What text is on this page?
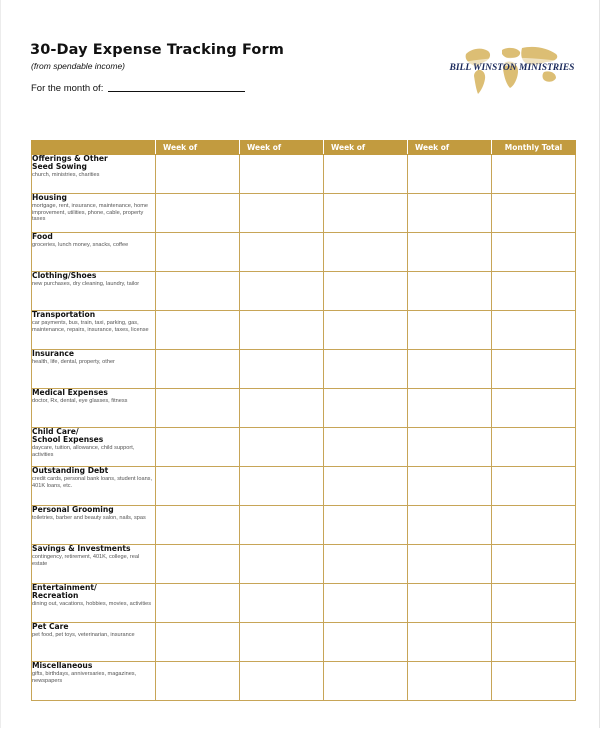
30-Day Expense Tracking Form
(from spendable income)
For the month of:
BILL WINSTON MINISTRIES
	Week of	Week of	Week of	Week of	Monthly Total

Offerings & Other
Seed Sowing
church, ministries, charities					

Housing
mortgage, rent, insurance, maintenance, home improvement, utilities, phone, cable, property taxes					

Food
groceries, lunch money, snacks, coffee					

Clothing/Shoes
new purchases, dry cleaning, laundry, tailor					

Transportation
car payments, bus, train, taxi, parking, gas, maintenance, repairs, insurance, taxes, license					

Insurance
health, life, dental, property, other					

Medical Expenses
doctor, Rx, dental, eye glasses, fitness					

Child Care/
School Expenses
daycare, tuition, allowance, child support, activities					

Outstanding Debt
credit cards, personal bank loans, student loans, 401K loans, etc.					

Personal Grooming
toiletries, barber and beauty salon, nails, spas					

Savings & Investments
contingency, retirement, 401K, college, real estate					

Entertainment/
Recreation
dining out, vacations, hobbies, movies, activities					

Pet Care
pet food, pet toys, veterinarian, insurance					

Miscellaneous
gifts, birthdays, anniversaries, magazines, newspapers					
